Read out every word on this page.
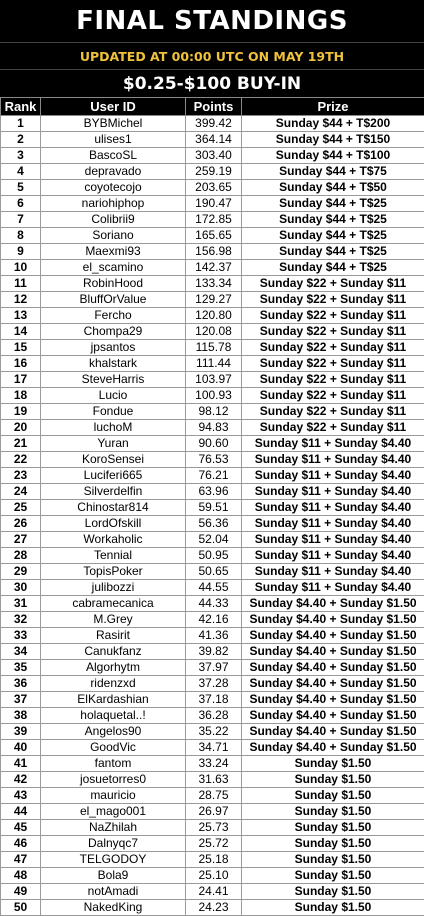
FINAL STANDINGS
UPDATED AT 00:00 UTC ON MAY 19TH
$0.25-$100 BUY-IN
Rank	User ID	Points	Prize
1	BYBMichel	399.42	Sunday $44 + T$200
2	ulises1	364.14	Sunday $44 + T$150
3	BascoSL	303.40	Sunday $44 + T$100
4	depravado	259.19	Sunday $44 + T$75
5	coyotecojo	203.65	Sunday $44 + T$50
6	nariohiphop	190.47	Sunday $44 + T$25
7	Colibrii9	172.85	Sunday $44 + T$25
8	Soriano	165.65	Sunday $44 + T$25
9	Maexmi93	156.98	Sunday $44 + T$25
10	el_scamino	142.37	Sunday $44 + T$25
11	RobinHood	133.34	Sunday $22 + Sunday $11
12	BluffOrValue	129.27	Sunday $22 + Sunday $11
13	Fercho	120.80	Sunday $22 + Sunday $11
14	Chompa29	120.08	Sunday $22 + Sunday $11
15	jpsantos	115.78	Sunday $22 + Sunday $11
16	khalstark	111.44	Sunday $22 + Sunday $11
17	SteveHarris	103.97	Sunday $22 + Sunday $11
18	Lucio	100.93	Sunday $22 + Sunday $11
19	Fondue	98.12	Sunday $22 + Sunday $11
20	luchoM	94.83	Sunday $22 + Sunday $11
21	Yuran	90.60	Sunday $11 + Sunday $4.40
22	KoroSensei	76.53	Sunday $11 + Sunday $4.40
23	Luciferi665	76.21	Sunday $11 + Sunday $4.40
24	Silverdelfin	63.96	Sunday $11 + Sunday $4.40
25	Chinostar814	59.51	Sunday $11 + Sunday $4.40
26	LordOfskill	56.36	Sunday $11 + Sunday $4.40
27	Workaholic	52.04	Sunday $11 + Sunday $4.40
28	Tennial	50.95	Sunday $11 + Sunday $4.40
29	TopisPoker	50.65	Sunday $11 + Sunday $4.40
30	julibozzi	44.55	Sunday $11 + Sunday $4.40
31	cabramecanica	44.33	Sunday $4.40 + Sunday $1.50
32	M.Grey	42.16	Sunday $4.40 + Sunday $1.50
33	Rasirit	41.36	Sunday $4.40 + Sunday $1.50
34	Canukfanz	39.82	Sunday $4.40 + Sunday $1.50
35	Algorhytm	37.97	Sunday $4.40 + Sunday $1.50
36	ridenzxd	37.28	Sunday $4.40 + Sunday $1.50
37	ElKardashian	37.18	Sunday $4.40 + Sunday $1.50
38	holaquetal..!	36.28	Sunday $4.40 + Sunday $1.50
39	Angelos90	35.22	Sunday $4.40 + Sunday $1.50
40	GoodVic	34.71	Sunday $4.40 + Sunday $1.50
41	fantom	33.24	Sunday $1.50
42	josuetorres0	31.63	Sunday $1.50
43	mauricio	28.75	Sunday $1.50
44	el_mago001	26.97	Sunday $1.50
45	NaZhilah	25.73	Sunday $1.50
46	Dalnyqc7	25.72	Sunday $1.50
47	TELGODOY	25.18	Sunday $1.50
48	Bola9	25.10	Sunday $1.50
49	notAmadi	24.41	Sunday $1.50
50	NakedKing	24.23	Sunday $1.50
